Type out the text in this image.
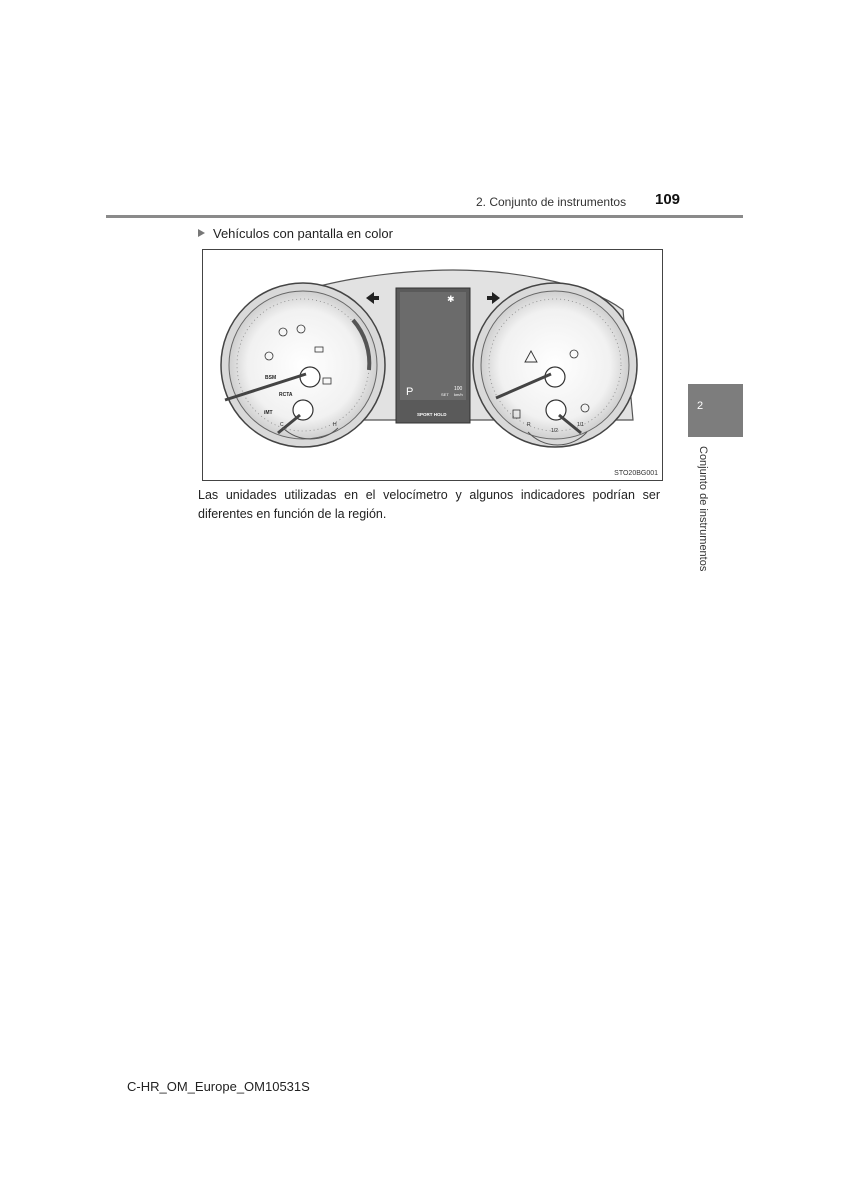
2. Conjunto de instrumentos 109
2
Conjunto de instrumentos
Vehículos con pantalla en color
BSM
RCTA
iMT
C	H
✱
P	100
SET km/h
SPORT HOLD
R
1/2
1/1
STO20BG001
Las unidades utilizadas en el velocímetro y algunos indicadores podrían ser diferentes en función de la región.
C-HR_OM_Europe_OM10531S
